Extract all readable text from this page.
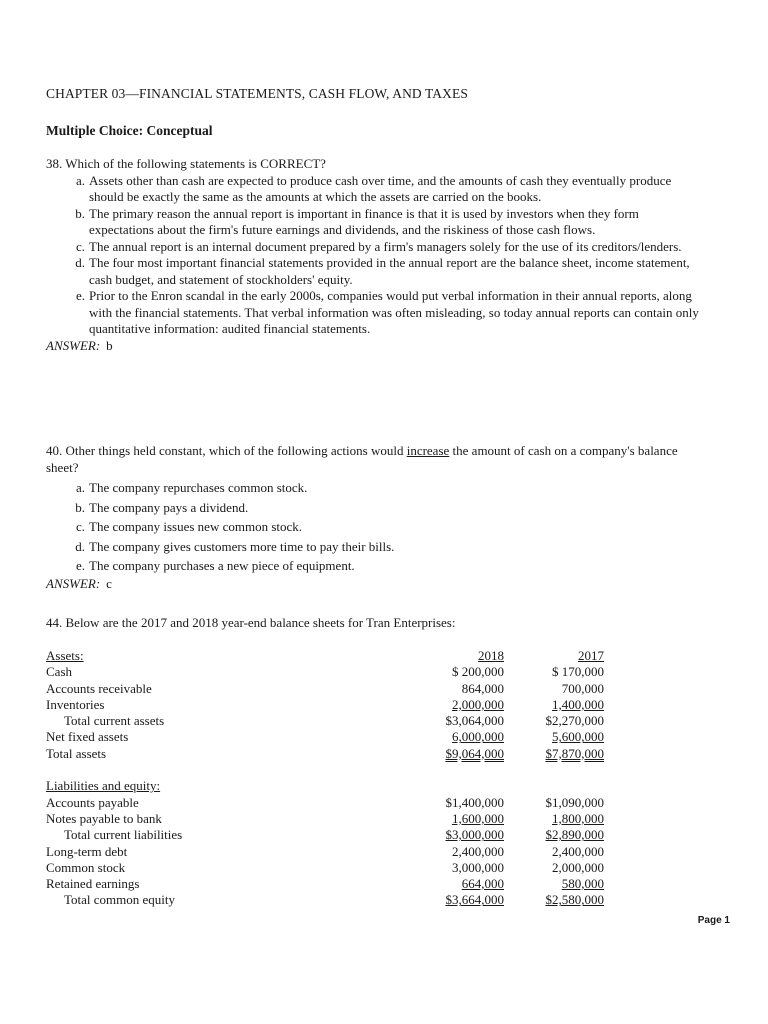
CHAPTER 03—FINANCIAL STATEMENTS, CASH FLOW, AND TAXES
Multiple Choice: Conceptual
38. Which of the following statements is CORRECT?
a. Assets other than cash are expected to produce cash over time, and the amounts of cash they eventually produce should be exactly the same as the amounts at which the assets are carried on the books.
b. The primary reason the annual report is important in finance is that it is used by investors when they form expectations about the firm's future earnings and dividends, and the riskiness of those cash flows.
c. The annual report is an internal document prepared by a firm's managers solely for the use of its creditors/lenders.
d. The four most important financial statements provided in the annual report are the balance sheet, income statement, cash budget, and statement of stockholders' equity.
e. Prior to the Enron scandal in the early 2000s, companies would put verbal information in their annual reports, along with the financial statements. That verbal information was often misleading, so today annual reports can contain only quantitative information: audited financial statements.
ANSWER: b
40. Other things held constant, which of the following actions would increase the amount of cash on a company's balance sheet?
a. The company repurchases common stock.
b. The company pays a dividend.
c. The company issues new common stock.
d. The company gives customers more time to pay their bills.
e. The company purchases a new piece of equipment.
ANSWER: c
44. Below are the 2017 and 2018 year-end balance sheets for Tran Enterprises:
Assets:	2018	2017
Cash	$ 200,000	$ 170,000
Accounts receivable	864,000	700,000
Inventories	2,000,000	1,400,000
Total current assets	$3,064,000	$2,270,000
Net fixed assets	6,000,000	5,600,000
Total assets	$9,064,000	$7,870,000

Liabilities and equity:		
Accounts payable	$1,400,000	$1,090,000
Notes payable to bank	1,600,000	1,800,000
Total current liabilities	$3,000,000	$2,890,000
Long-term debt	2,400,000	2,400,000
Common stock	3,000,000	2,000,000
Retained earnings	664,000	580,000
Total common equity	$3,664,000	$2,580,000
Page 1
